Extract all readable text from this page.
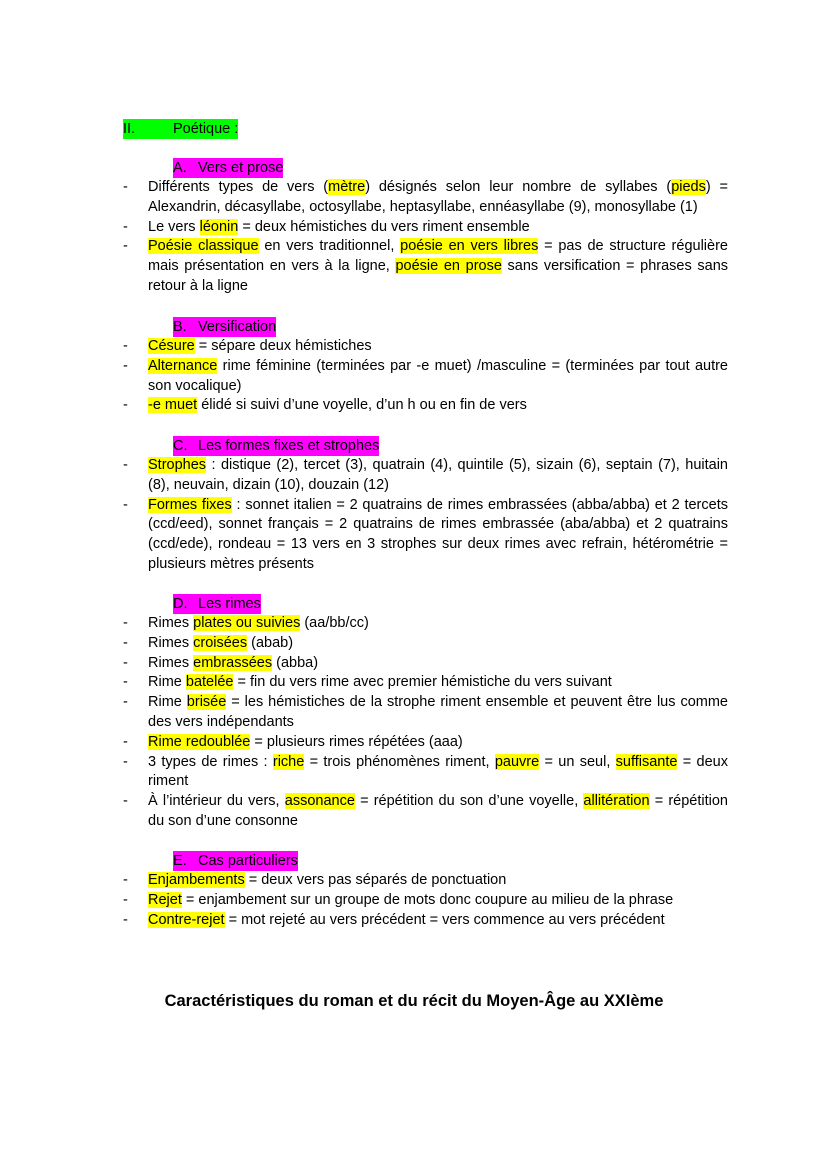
II.	Poétique :
A. Vers et prose
- Différents types de vers (mètre) désignés selon leur nombre de syllabes (pieds) = Alexandrin, décasyllabe, octosyllabe, heptasyllabe, ennéasyllabe (9), monosyllabe (1)
- Le vers léonin = deux hémistiches du vers riment ensemble
- Poésie classique en vers traditionnel, poésie en vers libres = pas de structure régulière mais présentation en vers à la ligne, poésie en prose sans versification = phrases sans retour à la ligne
B. Versification
- Césure = sépare deux hémistiches
- Alternance rime féminine (terminées par -e muet) /masculine = (terminées par tout autre son vocalique)
- -e muet élidé si suivi d’une voyelle, d’un h ou en fin de vers
C. Les formes fixes et strophes
- Strophes : distique (2), tercet (3), quatrain (4), quintile (5), sizain (6), septain (7), huitain (8), neuvain, dizain (10), douzain (12)
- Formes fixes : sonnet italien = 2 quatrains de rimes embrassées (abba/abba) et 2 tercets (ccd/eed), sonnet français = 2 quatrains de rimes embrassée (aba/abba) et 2 quatrains (ccd/ede), rondeau = 13 vers en 3 strophes sur deux rimes avec refrain, hétérométrie = plusieurs mètres présents
D. Les rimes
- Rimes plates ou suivies (aa/bb/cc)
- Rimes croisées (abab)
- Rimes embrassées (abba)
- Rime batelée = fin du vers rime avec premier hémistiche du vers suivant
- Rime brisée = les hémistiches de la strophe riment ensemble et peuvent être lus comme des vers indépendants
- Rime redoublée = plusieurs rimes répétées (aaa)
- 3 types de rimes : riche = trois phénomènes riment, pauvre = un seul, suffisante = deux riment
- À l’intérieur du vers, assonance = répétition du son d’une voyelle, allitération = répétition du son d’une consonne
E. Cas particuliers
- Enjambements = deux vers pas séparés de ponctuation
- Rejet = enjambement sur un groupe de mots donc coupure au milieu de la phrase
- Contre-rejet = mot rejeté au vers précédent = vers commence au vers précédent
Caractéristiques du roman et du récit du Moyen-Âge au XXIème
